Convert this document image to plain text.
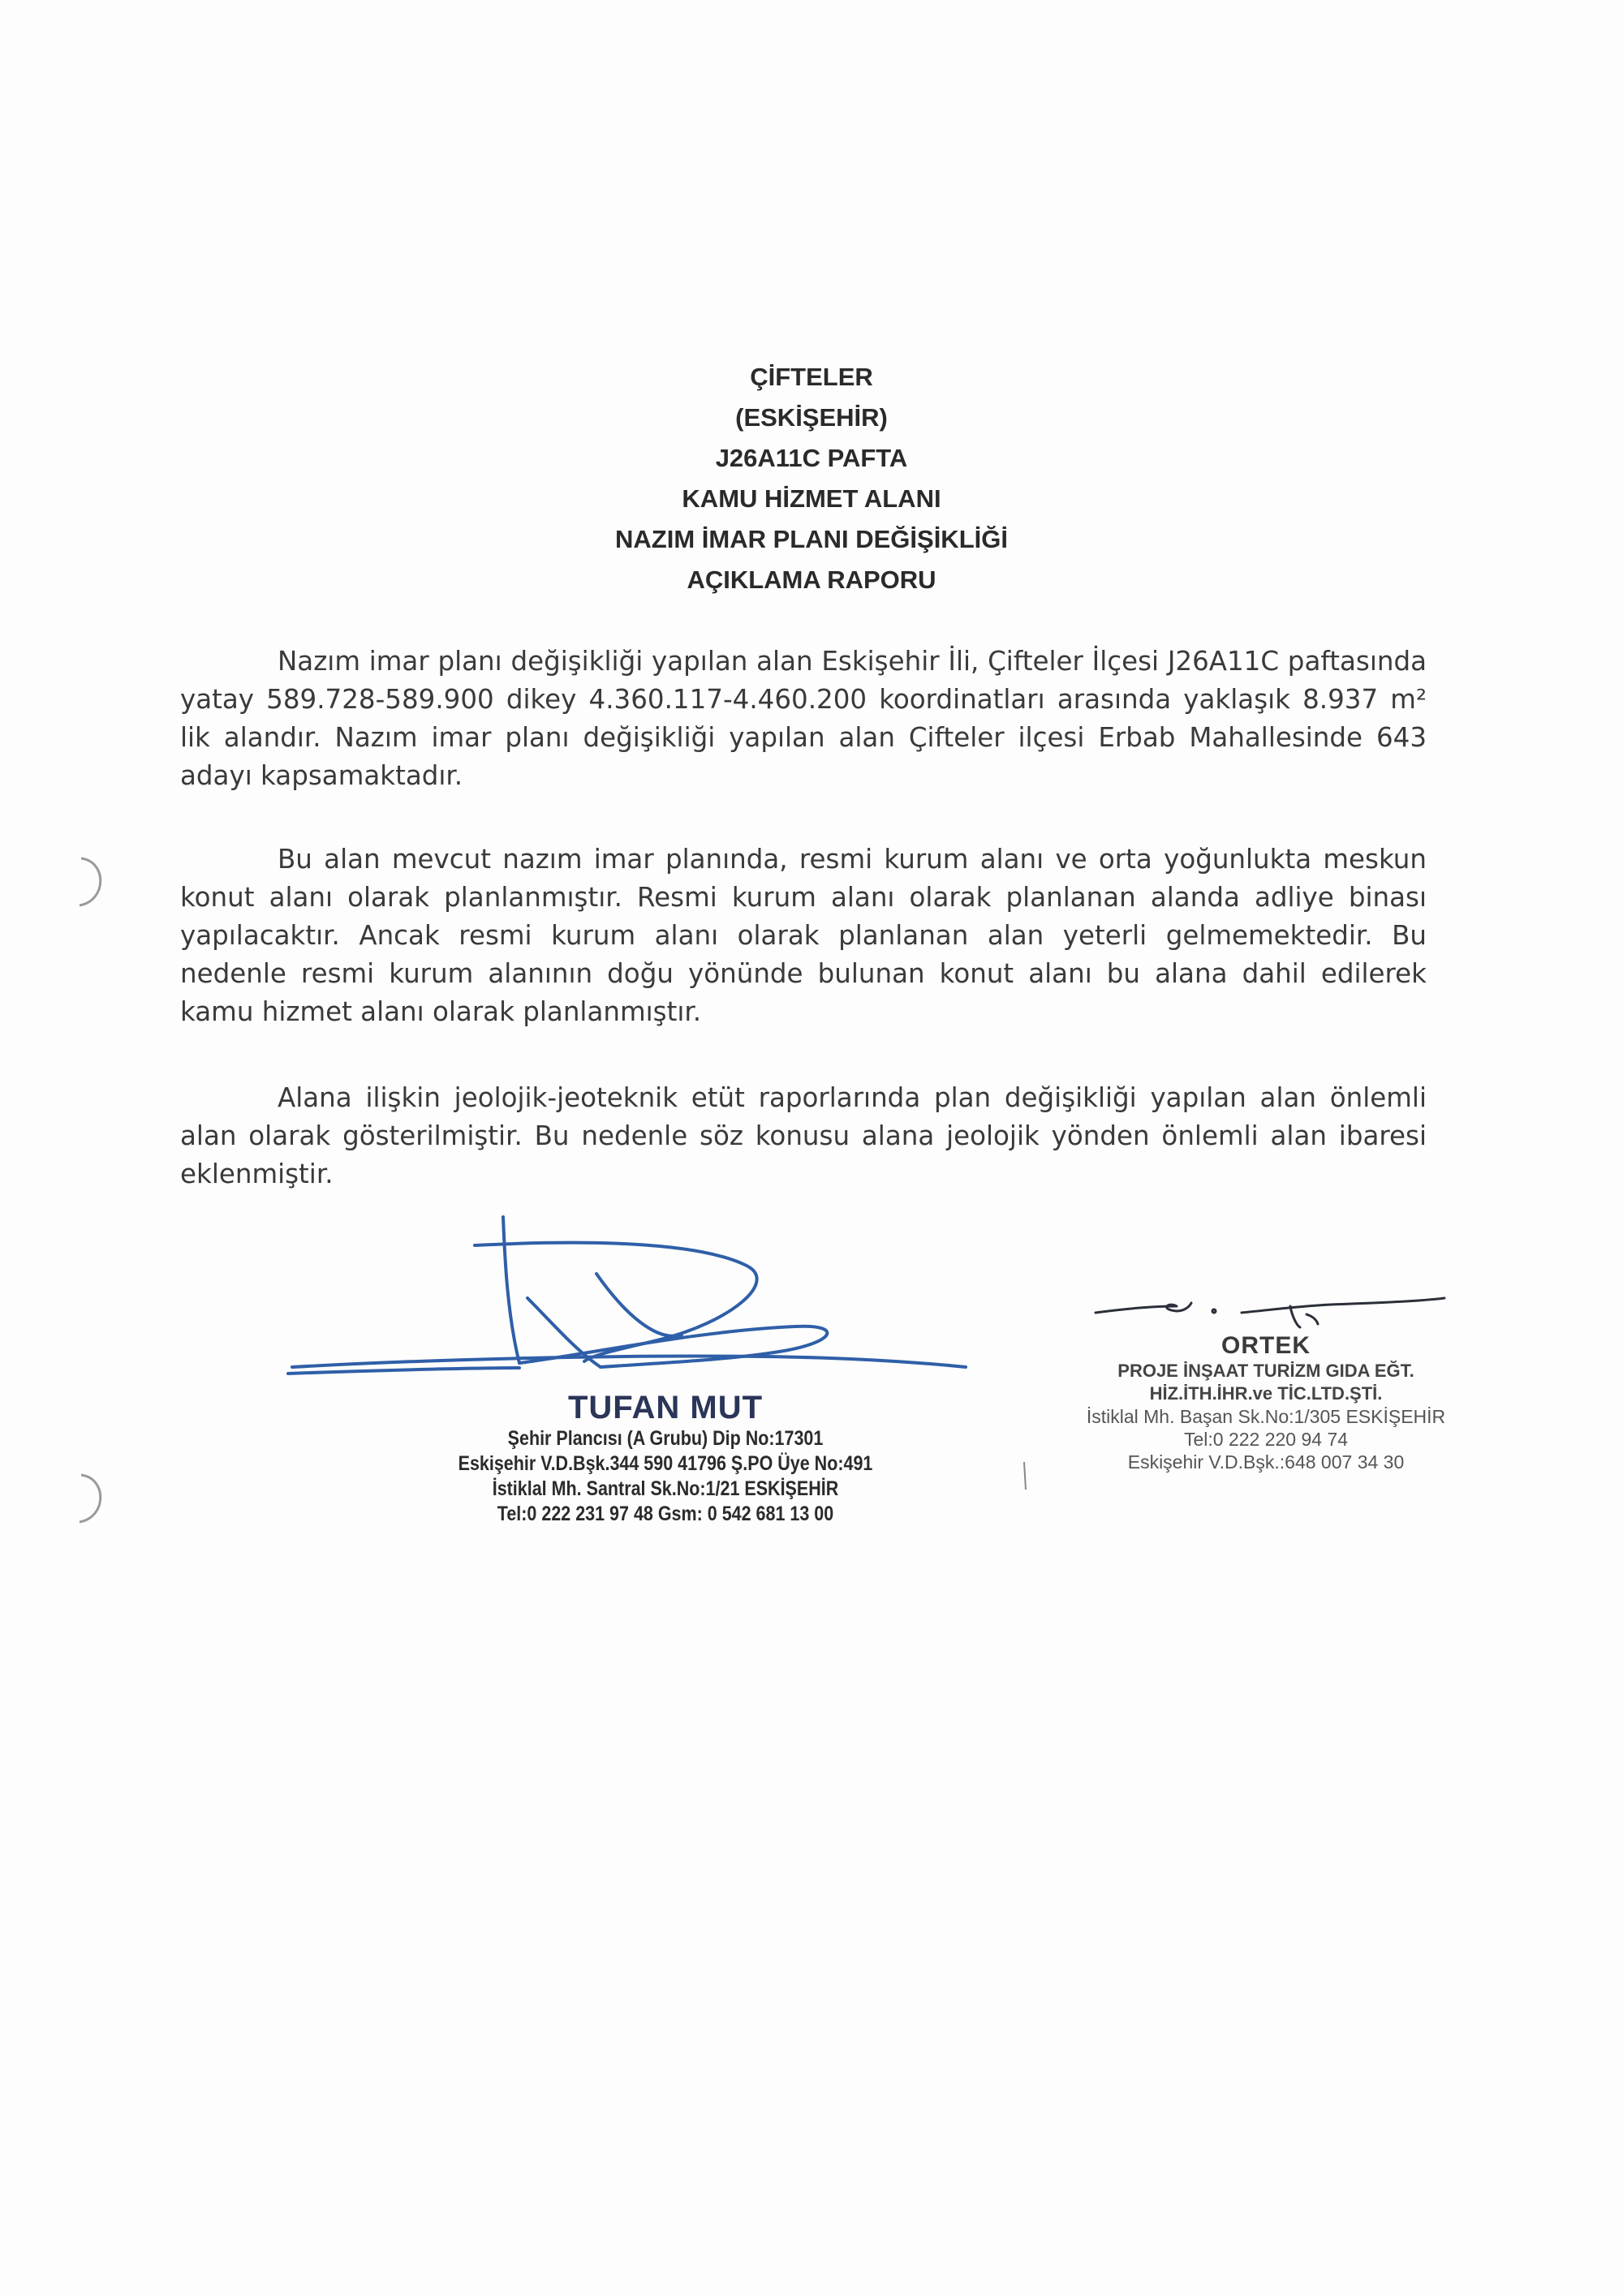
ÇİFTELER
(ESKİŞEHİR)
J26A11C PAFTA
KAMU HİZMET ALANI
NAZIM İMAR PLANI DEĞİŞİKLİĞİ
AÇIKLAMA RAPORU

Nazım imar planı değişikliği yapılan alan Eskişehir İli, Çifteler İlçesi J26A11C paftasında yatay 589.728-589.900 dikey 4.360.117-4.460.200 koordinatları arasında yaklaşık 8.937 m² lik alandır. Nazım imar planı değişikliği yapılan alan Çifteler ilçesi Erbab Mahallesinde 643 adayı kapsamaktadır.

Bu alan mevcut nazım imar planında, resmi kurum alanı ve orta yoğunlukta meskun konut alanı olarak planlanmıştır. Resmi kurum alanı olarak planlanan alanda adliye binası yapılacaktır. Ancak resmi kurum alanı olarak planlanan alan yeterli gelmemektedir. Bu nedenle resmi kurum alanının doğu yönünde bulunan konut alanı bu alana dahil edilerek kamu hizmet alanı olarak planlanmıştır.

Alana ilişkin jeolojik-jeoteknik etüt raporlarında plan değişikliği yapılan alan önlemli alan olarak gösterilmiştir. Bu nedenle söz konusu alana jeolojik yönden önlemli alan ibaresi eklenmiştir.

TUFAN MUT
Şehir Plancısı (A Grubu) Dip No:17301
Eskişehir V.D.Bşk.344 590 41796 Ş.PO Üye No:491
İstiklal Mh. Santral Sk.No:1/21 ESKİŞEHİR
Tel:0 222 231 97 48 Gsm: 0 542 681 13 00
ORTEK
PROJE İNŞAAT TURİZM GIDA EĞT.
HİZ.İTH.İHR.ve TİC.LTD.ŞTİ.
İstiklal Mh. Başan Sk.No:1/305 ESKİŞEHİR
Tel:0 222 220 94 74
Eskişehir V.D.Bşk.:648 007 34 30
